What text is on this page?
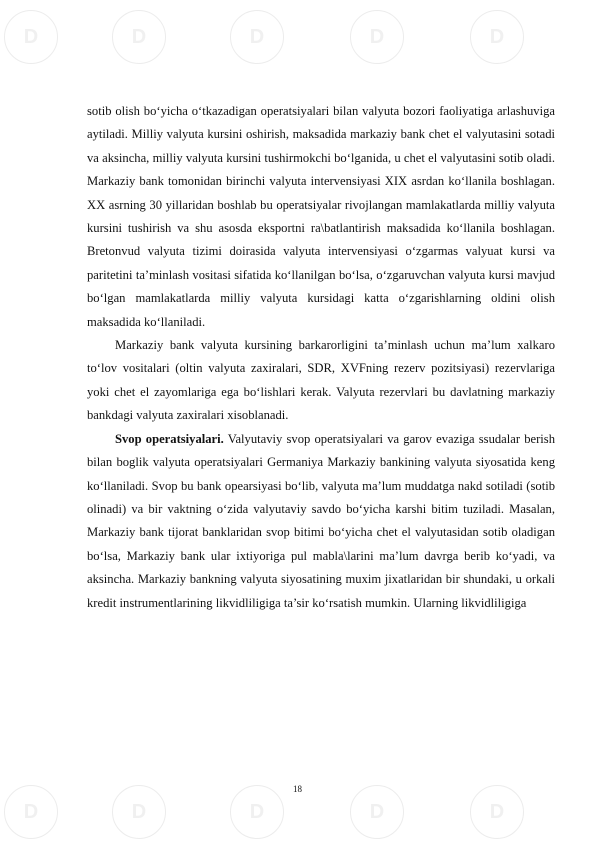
D	D	D	D	D
D	D	D	D	D

sotib olish bo‘yicha o‘tkazadigan operatsiyalari bilan valyuta bozori faoliyatiga arlashuviga aytiladi. Milliy valyuta kursini oshirish, maksadida markaziy bank chet el valyutasini sotadi va aksincha, milliy valyuta kursini tushirmokchi bo‘lganida, u chet el valyutasini sotib oladi. Markaziy bank tomonidan birinchi valyuta intervensiyasi XIX asrdan ko‘llanila boshlagan. XX asrning 30 yillaridan boshlab bu operatsiyalar rivojlangan mamlakatlarda milliy valyuta kursini tushirish va shu asosda eksportni ra\batlantirish maksadida ko‘llanila boshlagan. Bretonvud valyuta tizimi doirasida valyuta intervensiyasi o‘zgarmas valyuat kursi va paritetini ta’minlash vositasi sifatida ko‘llanilgan bo‘lsa, o‘zgaruvchan valyuta kursi mavjud bo‘lgan mamlakatlarda milliy valyuta kursidagi katta o‘zgarishlarning oldini olish maksadida ko‘llaniladi.

Markaziy bank valyuta kursining barkarorligini ta’minlash uchun ma’lum xalkaro to‘lov vositalari (oltin valyuta zaxiralari, SDR, XVFning rezerv pozitsiyasi) rezervlariga yoki chet el zayomlariga ega bo‘lishlari kerak. Valyuta rezervlari bu davlatning markaziy bankdagi valyuta zaxiralari xisoblanadi.

Svop operatsiyalari. Valyutaviy svop operatsiyalari va garov evaziga ssudalar berish bilan boglik valyuta operatsiyalari Germaniya Markaziy bankining valyuta siyosatida keng ko‘llaniladi. Svop bu bank opearsiyasi bo‘lib, valyuta ma’lum muddatga nakd sotiladi (sotib olinadi) va bir vaktning o‘zida valyutaviy savdo bo‘yicha karshi bitim tuziladi. Masalan, Markaziy bank tijorat banklaridan svop bitimi bo‘yicha chet el valyutasidan sotib oladigan bo‘lsa, Markaziy bank ular ixtiyoriga pul mabla\larini ma’lum davrga berib ko‘yadi, va aksincha. Markaziy bankning valyuta siyosatining muxim jixatlaridan bir shundaki, u orkali kredit instrumentlarining likvidliligiga ta’sir ko‘rsatish mumkin. Ularning likvidliligiga

18
